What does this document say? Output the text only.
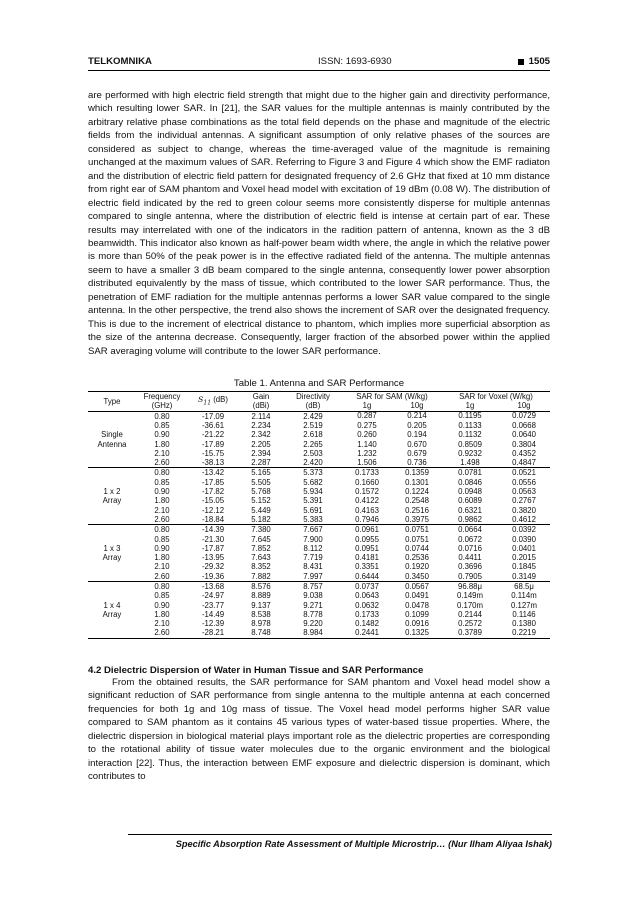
TELKOMNIKA	ISSN: 1693-6930	1505

are performed with high electric field strength that might due to the higher gain and directivity performance, which resulting lower SAR. In [21], the SAR values for the multiple antennas is mainly contributed by the arbitrary relative phase combinations as the total field depends on the phase and magnitude of the electric fields from the individual antennas. A significant assumption of only relative phases of the sources are considered as subject to change, whereas the time-averaged value of the magnitude is remaining unchanged at the maximum values of SAR. Referring to Figure 3 and Figure 4 which show the EMF radiaton and the distribution of electric field pattern for designated frequency of 2.6 GHz that fixed at 10 mm distance from right ear of SAM phantom and Voxel head model with excitation of 19 dBm (0.08 W). The distribution of electric field indicated by the red to green colour seems more consistently disperse for multiple antennas compared to single antenna, where the distribution of electric field is intense at certain part of ear. These results may interrelated with one of the indicators in the radition pattern of antenna, known as the 3 dB beamwidth. This indicator also known as half-power beam width where, the angle in which the relative power is more than 50% of the peak power is in the effective radiated field of the antenna. The multiple antennas seem to have a smaller 3 dB beam compared to the single antenna, consequently lower power absorption distributed equivalently by the mass of tissue, which contributed to the lower SAR performance. Thus, the penetration of EMF radiation for the multiple antennas performs a lower SAR value compared to the single antenna. In the other perspective, the trend also shows the increment of SAR over the designated frequency. This is due to the increment of electrical distance to phantom, which implies more superficial absorption as the size of the antenna decrease. Consequently, larger fraction of the absorbed power within the applied SAR averaging volume will contribute to the lower SAR performance.

Table 1. Antenna and SAR Performance
Type	Frequency	$S_{11}$ (dB)	Gain	Directivity	SAR for SAM (W/kg)		SAR for Voxel (W/kg)	
	(GHz)		(dBi)	(dB)	1g	10g	1g	10g

	0.80	-17.09	2.114	2.429	0.287	0.214	0.1195	0.0729
	0.85	-36.61	2.234	2.519	0.275	0.205	0.1133	0.0668
Single	0.90	-21.22	2.342	2.618	0.260	0.194	0.1132	0.0640
Antenna	1.80	-17.89	2.205	2.265	1.140	0.670	0.8509	0.3804
	2.10	-15.75	2.394	2.503	1.232	0.679	0.9232	0.4352
	2.60	-38.13	2.287	2.420	1.506	0.736	1.498	0.4847
	0.80	-13.42	5.165	5.373	0.1733	0.1359	0.0781	0.0521
	0.85	-17.85	5.505	5.682	0.1660	0.1301	0.0846	0.0556
1 x 2	0.90	-17.82	5.768	5.934	0.1572	0.1224	0.0948	0.0563
Array	1.80	-15.05	5.152	5.391	0.4122	0.2548	0.6089	0.2767
	2.10	-12.12	5.449	5.691	0.4163	0.2516	0.6321	0.3820
	2.60	-18.84	5.182	5.383	0.7946	0.3975	0.9862	0.4612
	0.80	-14.39	7.380	7.667	0.0961	0.0751	0.0664	0.0392
	0.85	-21.30	7.645	7.900	0.0955	0.0751	0.0672	0.0390
1 x 3	0.90	-17.87	7.852	8.112	0.0951	0.0744	0.0716	0.0401
Array	1.80	-13.95	7.643	7.719	0.4181	0.2536	0.4411	0.2015
	2.10	-29.32	8.352	8.431	0.3351	0.1920	0.3696	0.1845
	2.60	-19.36	7.882	7.997	0.6444	0.3450	0.7905	0.3149
	0.80	-13.68	8.576	8.757	0.0737	0.0567	96.88μ	68.5μ
	0.85	-24.97	8.889	9.038	0.0643	0.0491	0.149m	0.114m
1 x 4	0.90	-23.77	9.137	9.271	0.0632	0.0478	0.170m	0.127m
Array	1.80	-14.49	8.538	8.778	0.1733	0.1099	0.2144	0.1146
	2.10	-12.39	8.978	9.220	0.1482	0.0916	0.2572	0.1380
	2.60	-28.21	8.748	8.984	0.2441	0.1325	0.3789	0.2219
4.2 Dielectric Dispersion of Water in Human Tissue and SAR Performance

From the obtained results, the SAR performance for SAM phantom and Voxel head model show a significant reduction of SAR performance from single antenna to the multiple antenna at each concerned frequencies for both 1g and 10g mass of tissue. The Voxel head model performs higher SAR value compared to SAM phantom as it contains 45 various types of water-based tissue properties. Where, the dielectric dispersion in biological material plays important role as the dielectric properties are corresponding to the rotational ability of tissue water molecules due to the organic environment and the biological interaction [22]. Thus, the interaction between EMF exposure and dielectric dispersion is dominant, which contributes to

Specific Absorption Rate Assessment of Multiple Microstrip… (Nur Ilham Aliyaa Ishak)
